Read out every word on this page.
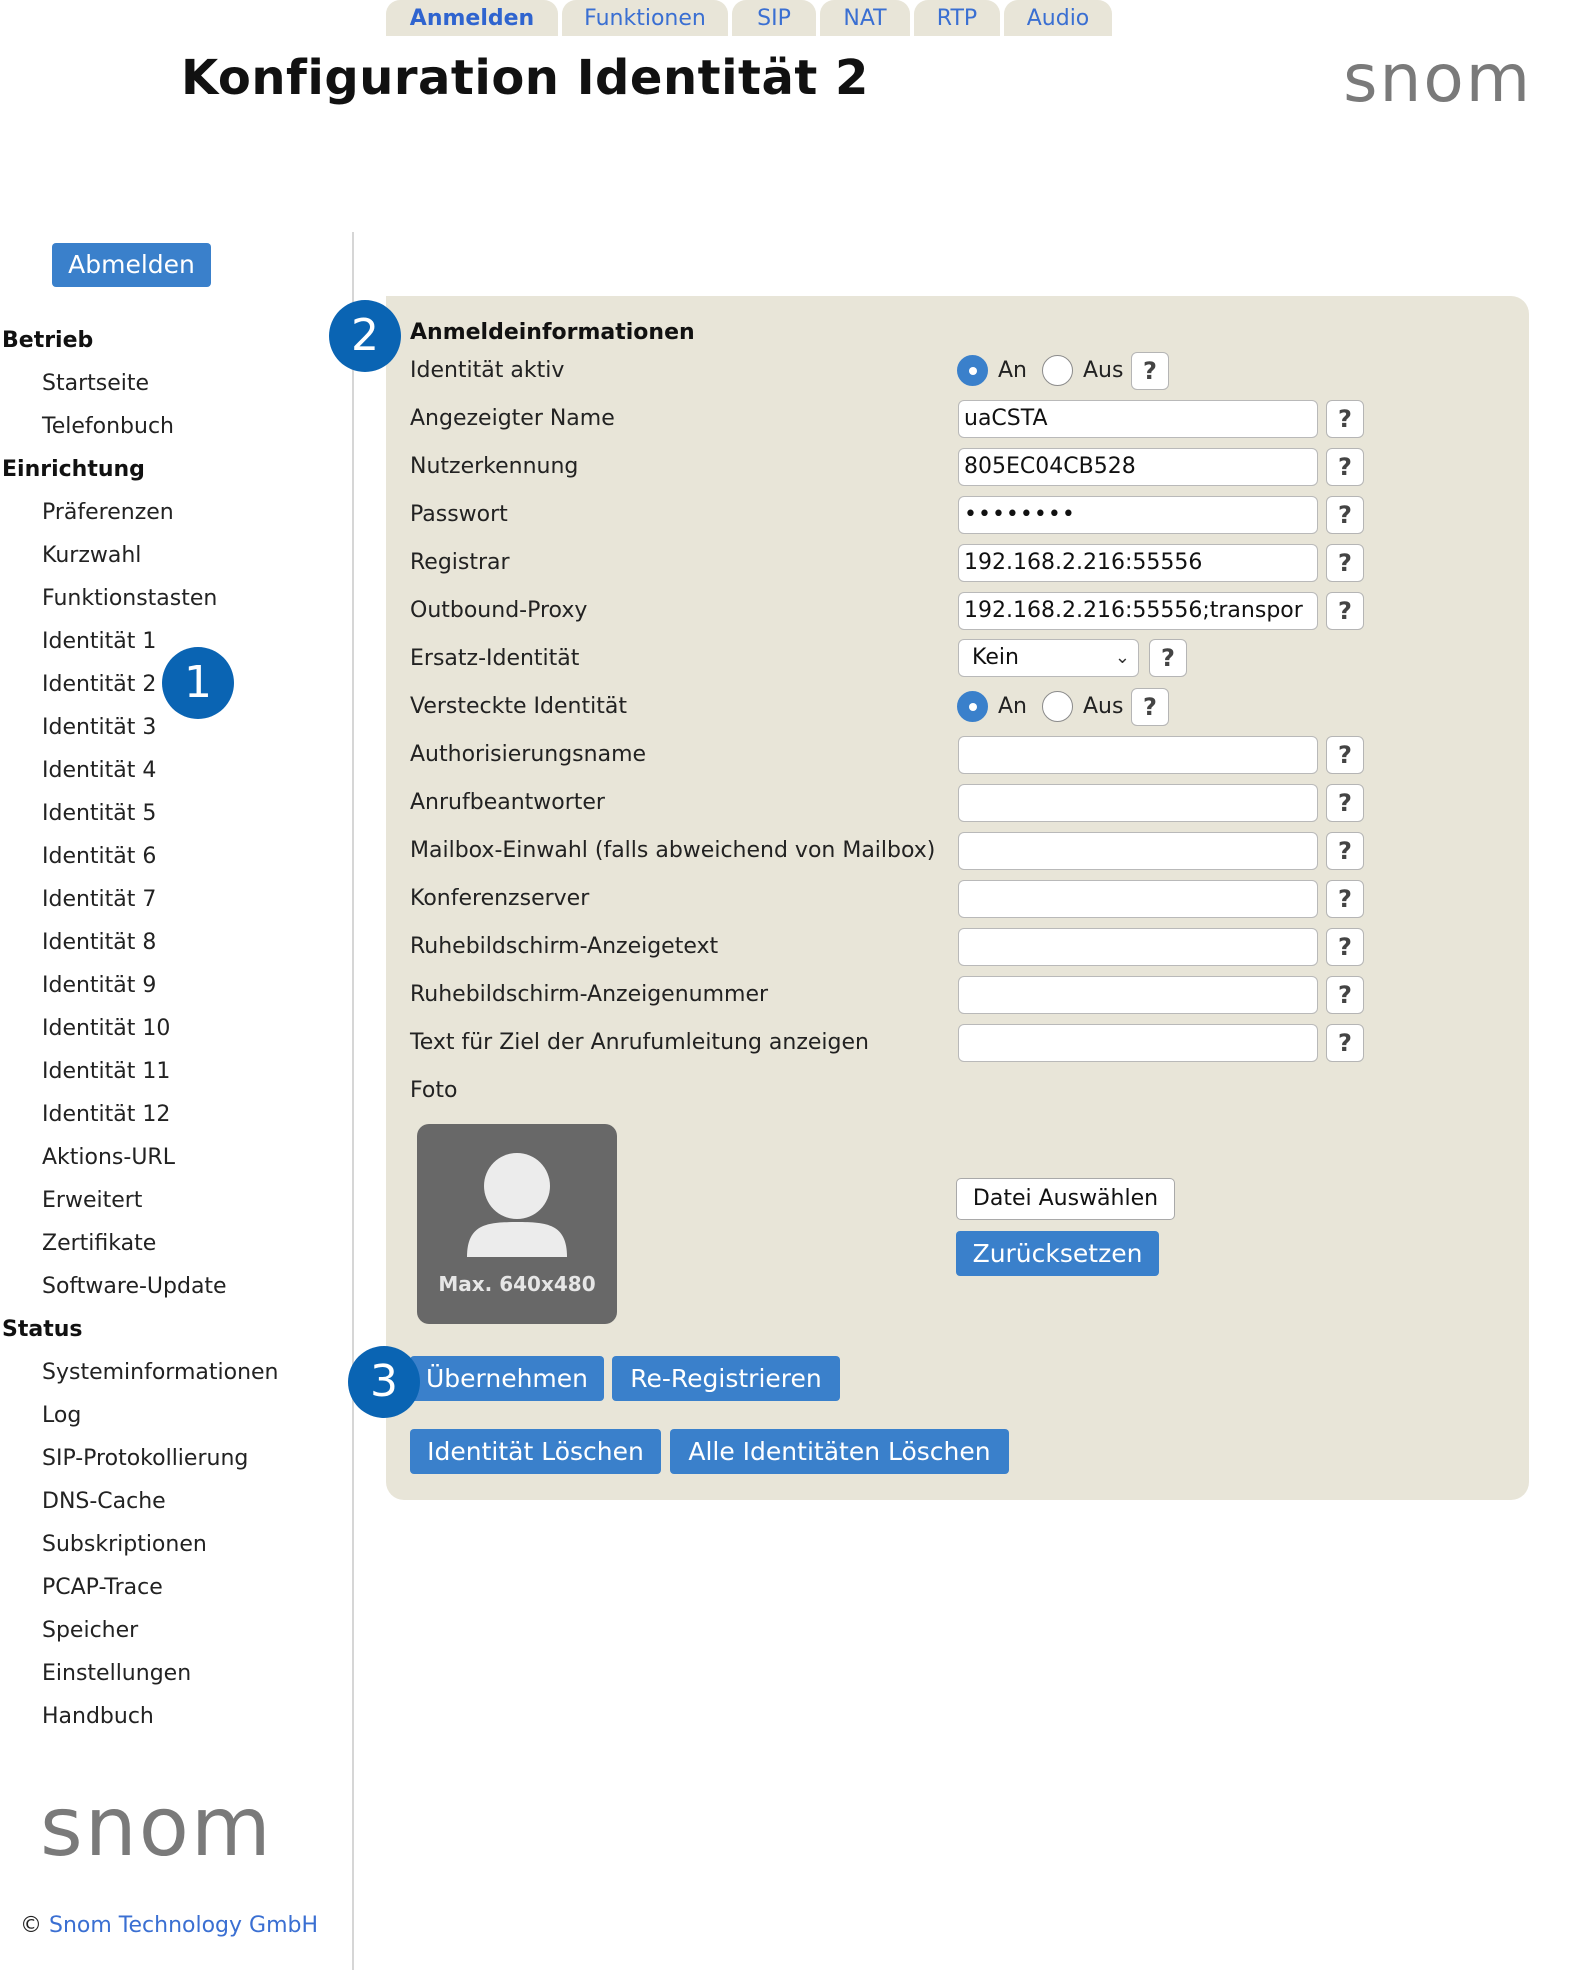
Konfiguration Identität 2	snom
Abmelden
Betrieb
Startseite
Telefonbuch
Einrichtung
Präferenzen
Kurzwahl
Funktionstasten
Identität 1
Identität 2
Identität 3
Identität 4
Identität 5
Identität 6
Identität 7
Identität 8
Identität 9
Identität 10
Identität 11
Identität 12
Aktions-URL
Erweitert
Zertifikate
Software-Update
Status
Systeminformationen
Log
SIP-Protokollierung
DNS-Cache
Subskriptionen
PCAP-Trace
Speicher
Einstellungen
Handbuch
snom
© Snom Technology GmbH
1
2
3
Anmelden	Funktionen	SIP	NAT	RTP	Audio
Anmeldeinformationen
Identität aktiv	An	Aus ?
Angezeigter Name	uaCSTA	?
Nutzerkennung	805EC04CB528	?
Passwort	••••••••	?
Registrar	192.168.2.216:55556	?
Outbound-Proxy	192.168.2.216:55556;transpor	?
Ersatz-Identität	Kein	⌄	?
Versteckte Identität	An	Aus ?
Authorisierungsname	?
Anrufbeantworter	?
Mailbox-Einwahl (falls abweichend von Mailbox)	?
Konferenzserver	?
Ruhebildschirm-Anzeigetext	?
Ruhebildschirm-Anzeigenummer	?
Text für Ziel der Anrufumleitung anzeigen	?
Foto
Max. 640x480
Datei Auswählen
Zurücksetzen
Übernehmen	Re-Registrieren
Identität Löschen	Alle Identitäten Löschen
